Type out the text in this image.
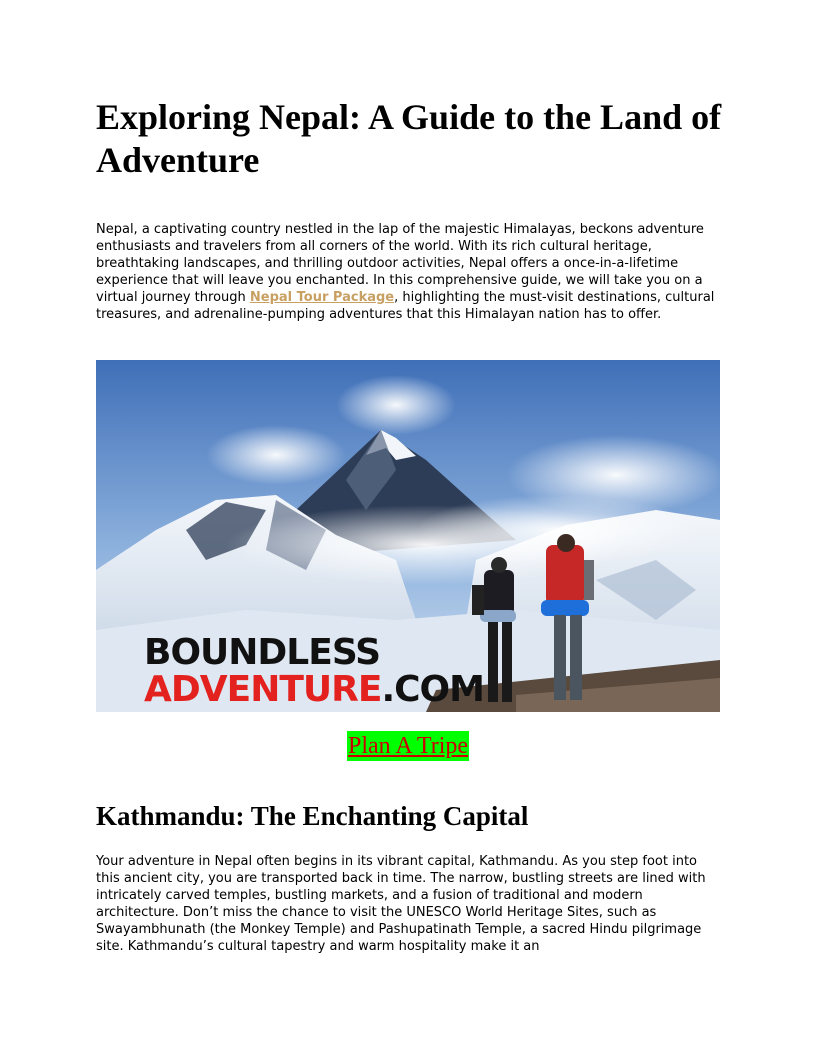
Exploring Nepal: A Guide to the Land of Adventure

Nepal, a captivating country nestled in the lap of the majestic Himalayas, beckons adventure enthusiasts and travelers from all corners of the world. With its rich cultural heritage, breathtaking landscapes, and thrilling outdoor activities, Nepal offers a once-in-a-lifetime experience that will leave you enchanted. In this comprehensive guide, we will take you on a virtual journey through Nepal Tour Package, highlighting the must-visit destinations, cultural treasures, and adrenaline-pumping adventures that this Himalayan nation has to offer.

BOUNDLESS
ADVENTURE.COM
Plan A Tripe
Kathmandu: The Enchanting Capital

Your adventure in Nepal often begins in its vibrant capital, Kathmandu. As you step foot into this ancient city, you are transported back in time. The narrow, bustling streets are lined with intricately carved temples, bustling markets, and a fusion of traditional and modern architecture. Don’t miss the chance to visit the UNESCO World Heritage Sites, such as Swayambhunath (the Monkey Temple) and Pashupatinath Temple, a sacred Hindu pilgrimage site. Kathmandu’s cultural tapestry and warm hospitality make it an
